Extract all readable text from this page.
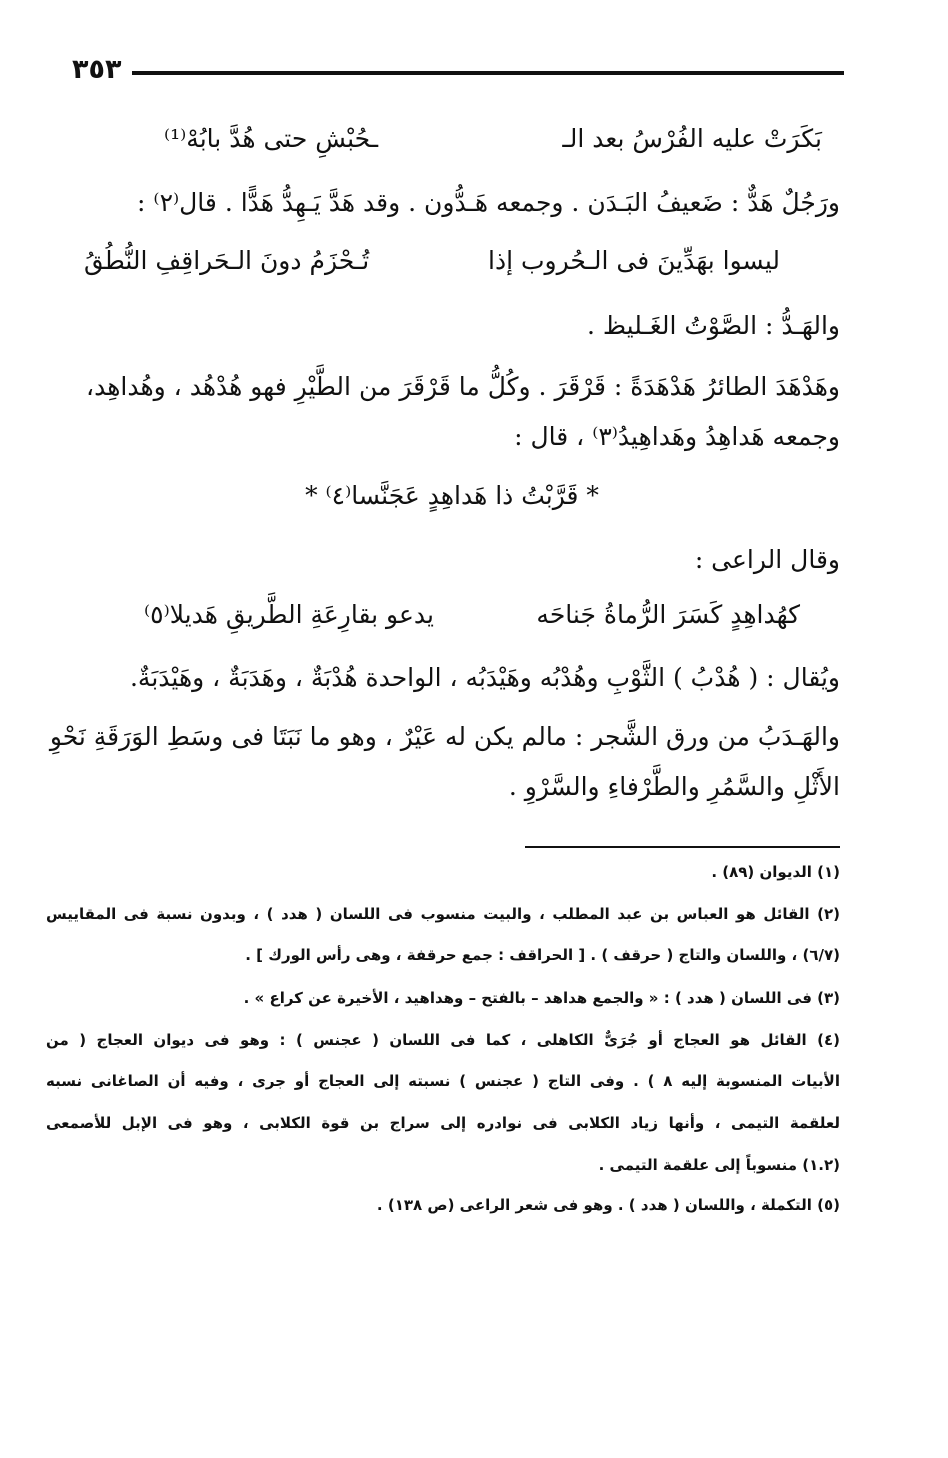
٣٥٣
بَكَرَتْ عليه الفُرْسُ بعد الـ
ـحُبْشِ حتى هُدَّ بابُهْ⁽¹⁾
ورَجُلٌ هَدٌّ : ضَعيفُ البَـدَن . وجمعه هَـدُّون . وقد هَدَّ يَـهِدُّ هَدًّا . قال⁽٢⁾ :
ليسوا بهَدِّينَ فى الـحُروب إذا
تُـحْزَمُ دونَ الـحَراقِفِ النُّطُقُ
والهَـدُّ : الصَّوْتُ الغَـليظ .
وهَدْهَدَ الطائرُ هَدْهَدَةً : قَرْقَرَ . وكُلُّ ما قَرْقَرَ من الطَّيْرِ فهو هُدْهُد ، وهُداهِد،
وجمعه هَداهِدُ وهَداهِيدُ⁽٣⁾ ، قال :
* قَرَّبْتُ ذا هَداهِدٍ عَجَنَّسا⁽٤⁾ *
وقال الراعى :
كهُداهِدٍ كَسَرَ الرُّماةُ جَناحَه
يدعو بقارِعَةِ الطَّريقِ هَديلا⁽٥⁾
ويُقال : ( هُدْبُ ) الثَّوْبِ وهُدْبُه وهَيْدَبُه ، الواحدة هُدْبَةٌ ، وهَدَبَةٌ ، وهَيْدَبَةٌ.
والهَـدَبُ من ورق الشَّجر : مالم يكن له عَيْرٌ ، وهو ما نَبَتَا فى وسَطِ الوَرَقَةِ نَحْوِ
الأَثْلِ والسَّمُرِ والطَّرْفاءِ والسَّرْوِ .
(١) الديوان (٨٩) .
(٢) القائل هو العباس بن عبد المطلب ، والبيت منسوب فى اللسان ( هدد ) ، وبدون نسبة فى المقاييس
(٦/٧) ، واللسان والتاج ( حرقف ) . [ الحراقف : جمع حرقفة ، وهى رأس الورك ] .
(٣) فى اللسان ( هدد ) : « والجمع هداهد – بالفتح – وهداهيد ، الأخيرة عن كراع » .
(٤) القائل هو العجاج أو جُرَىٌّ الكاهلى ، كما فى اللسان ( عجنس ) : وهو فى ديوان العجاج ( من
الأبيات المنسوبة إليه ٨ ) . وفى التاج ( عجنس ) نسبته إلى العجاج أو جرى ، وفيه أن الصاغانى نسبه
لعلقمة التيمى ، وأنها زياد الكلابى فى نوادره إلى سراج بن قوة الكلابى ، وهو فى الإبل للأصمعى
(١.٢) منسوباً إلى علقمة التيمى .
(٥) التكملة ، واللسان ( هدد ) . وهو فى شعر الراعى (ص ١٣٨) .
